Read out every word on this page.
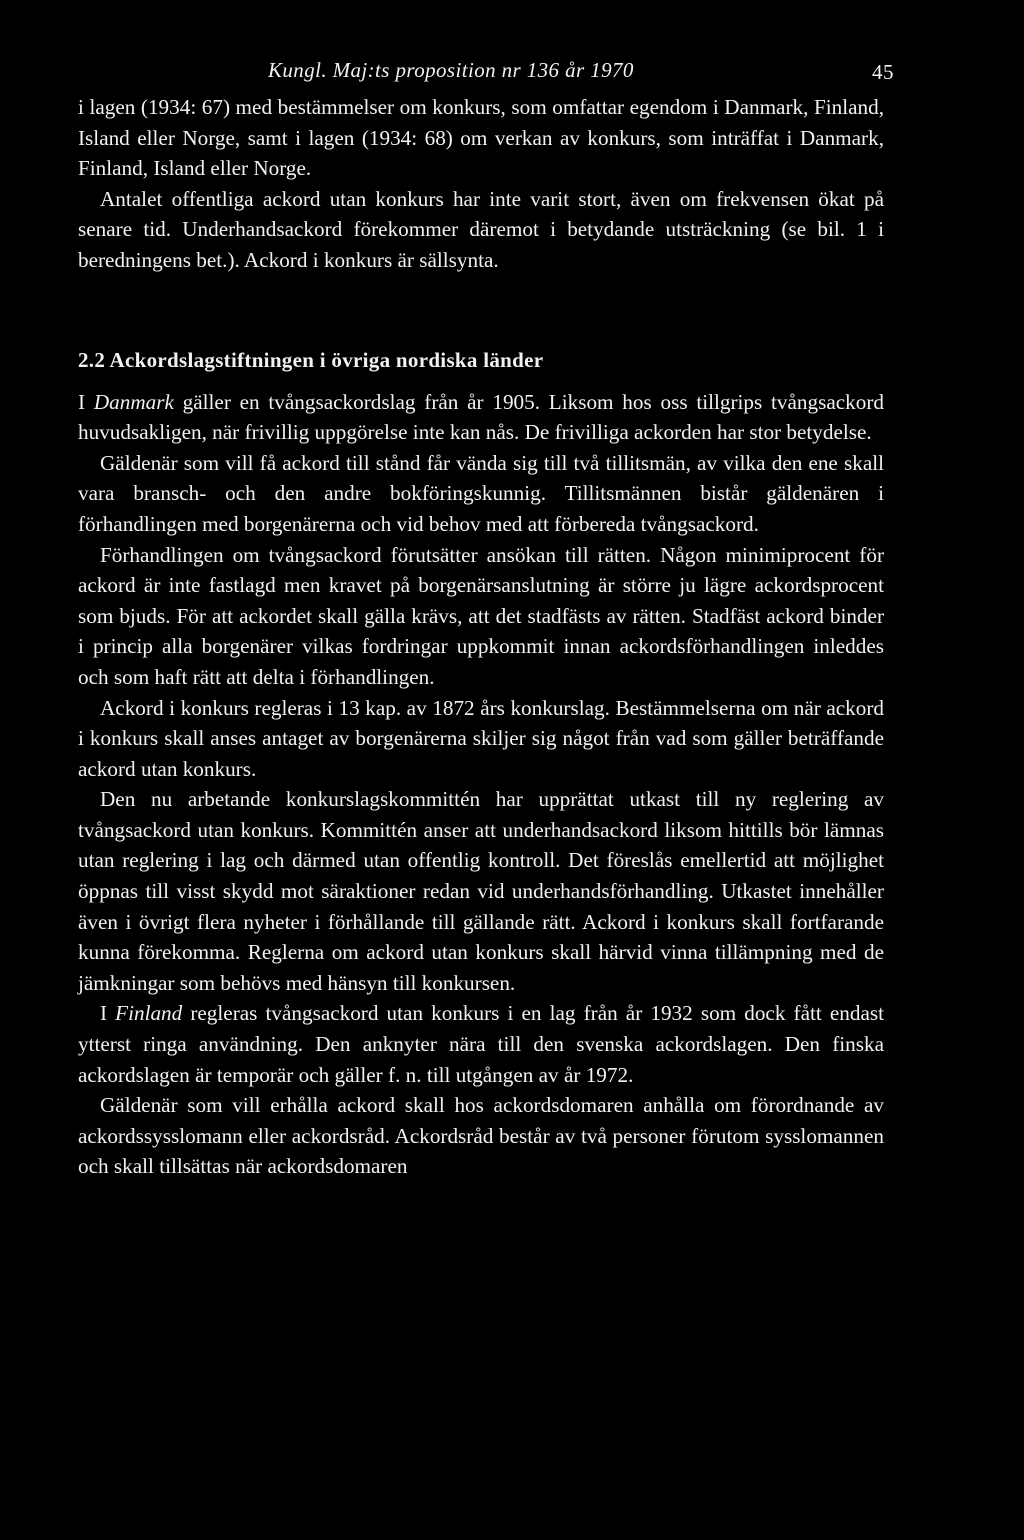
Kungl. Maj:ts proposition nr 136 år 1970	45

i lagen (1934: 67) med bestämmelser om konkurs, som omfattar egendom i Danmark, Finland, Island eller Norge, samt i lagen (1934: 68) om verkan av konkurs, som inträffat i Danmark, Finland, Island eller Norge.

Antalet offentliga ackord utan konkurs har inte varit stort, även om frekvensen ökat på senare tid. Underhandsackord förekommer däremot i betydande utsträckning (se bil. 1 i beredningens bet.). Ackord i konkurs är sällsynta.

2.2 Ackordslagstiftningen i övriga nordiska länder

I Danmark gäller en tvångsackordslag från år 1905. Liksom hos oss tillgrips tvångsackord huvudsakligen, när frivillig uppgörelse inte kan nås. De frivilliga ackorden har stor betydelse.

Gäldenär som vill få ackord till stånd får vända sig till två tillitsmän, av vilka den ene skall vara bransch- och den andre bokföringskunnig. Tillitsmännen bistår gäldenären i förhandlingen med borgenärerna och vid behov med att förbereda tvångsackord.

Förhandlingen om tvångsackord förutsätter ansökan till rätten. Någon minimiprocent för ackord är inte fastlagd men kravet på borgenärsanslutning är större ju lägre ackordsprocent som bjuds. För att ackordet skall gälla krävs, att det stadfästs av rätten. Stadfäst ackord binder i princip alla borgenärer vilkas fordringar uppkommit innan ackordsförhandlingen inleddes och som haft rätt att delta i förhandlingen.

Ackord i konkurs regleras i 13 kap. av 1872 års konkurslag. Bestämmelserna om när ackord i konkurs skall anses antaget av borgenärerna skiljer sig något från vad som gäller beträffande ackord utan konkurs.

Den nu arbetande konkurslagskommittén har upprättat utkast till ny reglering av tvångsackord utan konkurs. Kommittén anser att underhandsackord liksom hittills bör lämnas utan reglering i lag och därmed utan offentlig kontroll. Det föreslås emellertid att möjlighet öppnas till visst skydd mot säraktioner redan vid underhandsförhandling. Utkastet innehåller även i övrigt flera nyheter i förhållande till gällande rätt. Ackord i konkurs skall fortfarande kunna förekomma. Reglerna om ackord utan konkurs skall härvid vinna tillämpning med de jämkningar som behövs med hänsyn till konkursen.

I Finland regleras tvångsackord utan konkurs i en lag från år 1932 som dock fått endast ytterst ringa användning. Den anknyter nära till den svenska ackordslagen. Den finska ackordslagen är temporär och gäller f. n. till utgången av år 1972.

Gäldenär som vill erhålla ackord skall hos ackordsdomaren anhålla om förordnande av ackordssysslomann eller ackordsråd. Ackordsråd består av två personer förutom sysslomannen och skall tillsättas när ackordsdomaren
